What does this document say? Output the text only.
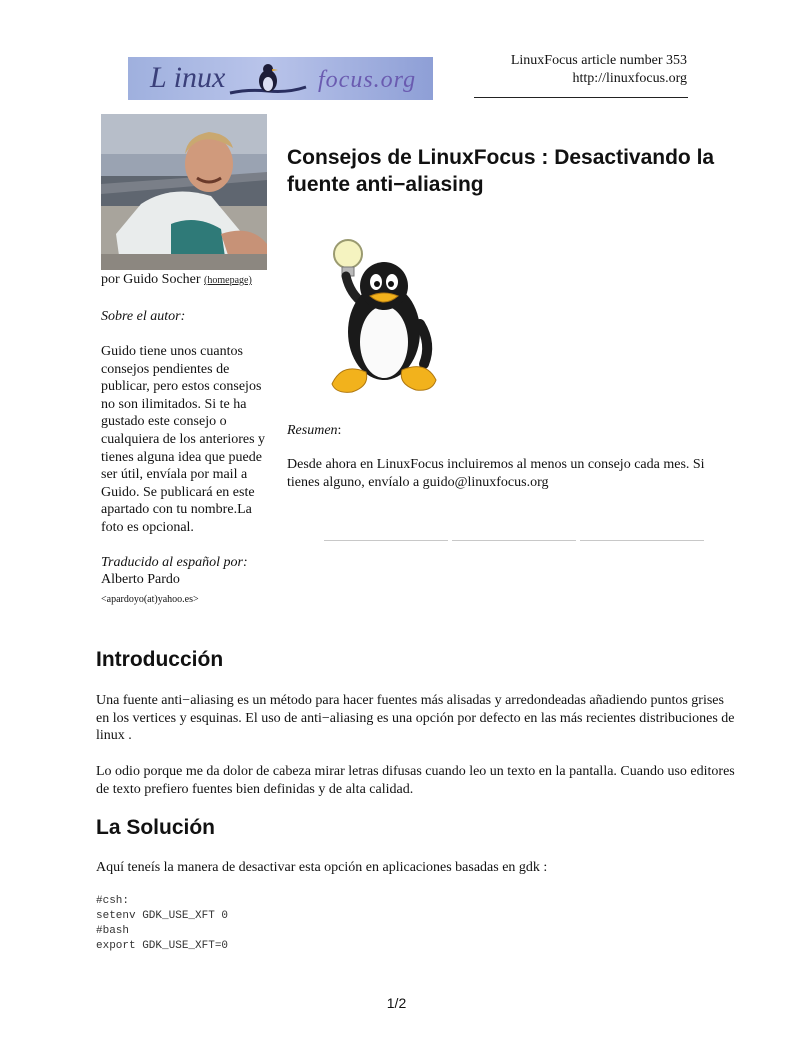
L inux	focus.org
LinuxFocus article number 353
http://linuxfocus.org
por Guido Socher (homepage)
Sobre el autor:
Guido tiene unos cuantos consejos pendientes de publicar, pero estos consejos no son ilimitados. Si te ha gustado este consejo o cualquiera de los anteriores y tienes alguna idea que puede ser útil, envíala por mail a Guido. Se publicará en este apartado con tu nombre.La foto es opcional.
Traducido al español por:
Alberto Pardo
<apardoyo(at)yahoo.es>
Consejos de LinuxFocus : Desactivando la fuente anti−aliasing
Resumen:
Desde ahora en LinuxFocus incluiremos al menos un consejo cada mes. Si tienes alguno, envíalo a guido@linuxfocus.org
Introducción
Una fuente anti−aliasing es un método para hacer fuentes más alisadas y arredondeadas añadiendo puntos grises en los vertices y esquinas. El uso de anti−aliasing es una opción por defecto en las más recientes distribuciones de linux .
Lo odio porque me da dolor de cabeza mirar letras difusas cuando leo un texto en la pantalla. Cuando uso editores de texto prefiero fuentes bien definidas y de alta calidad.
La Solución
Aquí teneís la manera de desactivar esta opción en aplicaciones basadas en gdk :
#csh:
setenv GDK_USE_XFT 0
#bash
export GDK_USE_XFT=0
1/2
